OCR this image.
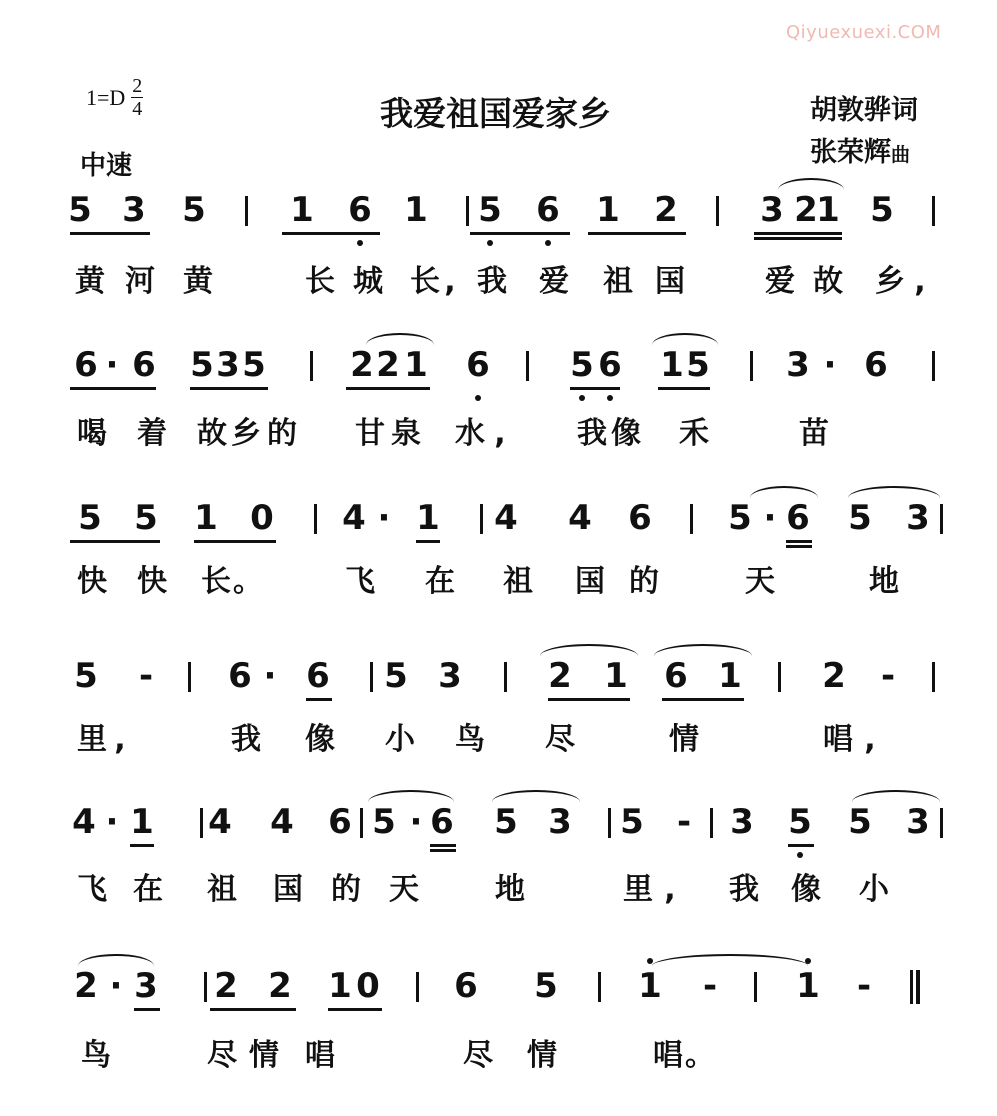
Qiyuexuexi.COM
1=D 2
4
中速
我爱祖国爱家乡	胡敦骅词
张荣辉曲
5 3 5 1 6 1 5 6 1 2 3 2
1 5
黄 河 黄	长 城 长 , 我 爱 祖 国	爱 故 乡 ,
6 · 6 5 3 5 2 2 1 6 5 6 1 5 3 · 6
喝 着 故 乡 的 甘 泉 水 , 我 像 禾	苗
5 5 1 0 4 · 1 4 4 6 5 · 6 5 3
快 快 长 。	飞 在 祖 国 的	天	地
5 - 6 · 6 5 3	2 1 6 1 2 -
里 ,	我 像 小 鸟 尽	情	唱 ,
4 · 1 4 4 6 5 · 6 5 3 5 - 3 5 5 3
飞 在 祖 国 的 天	地	里 , 我 像 小
2 · 3 2 2 1 0 6 5 1 - 1 -
鸟	尽 情 唱	尽 情	唱 。
